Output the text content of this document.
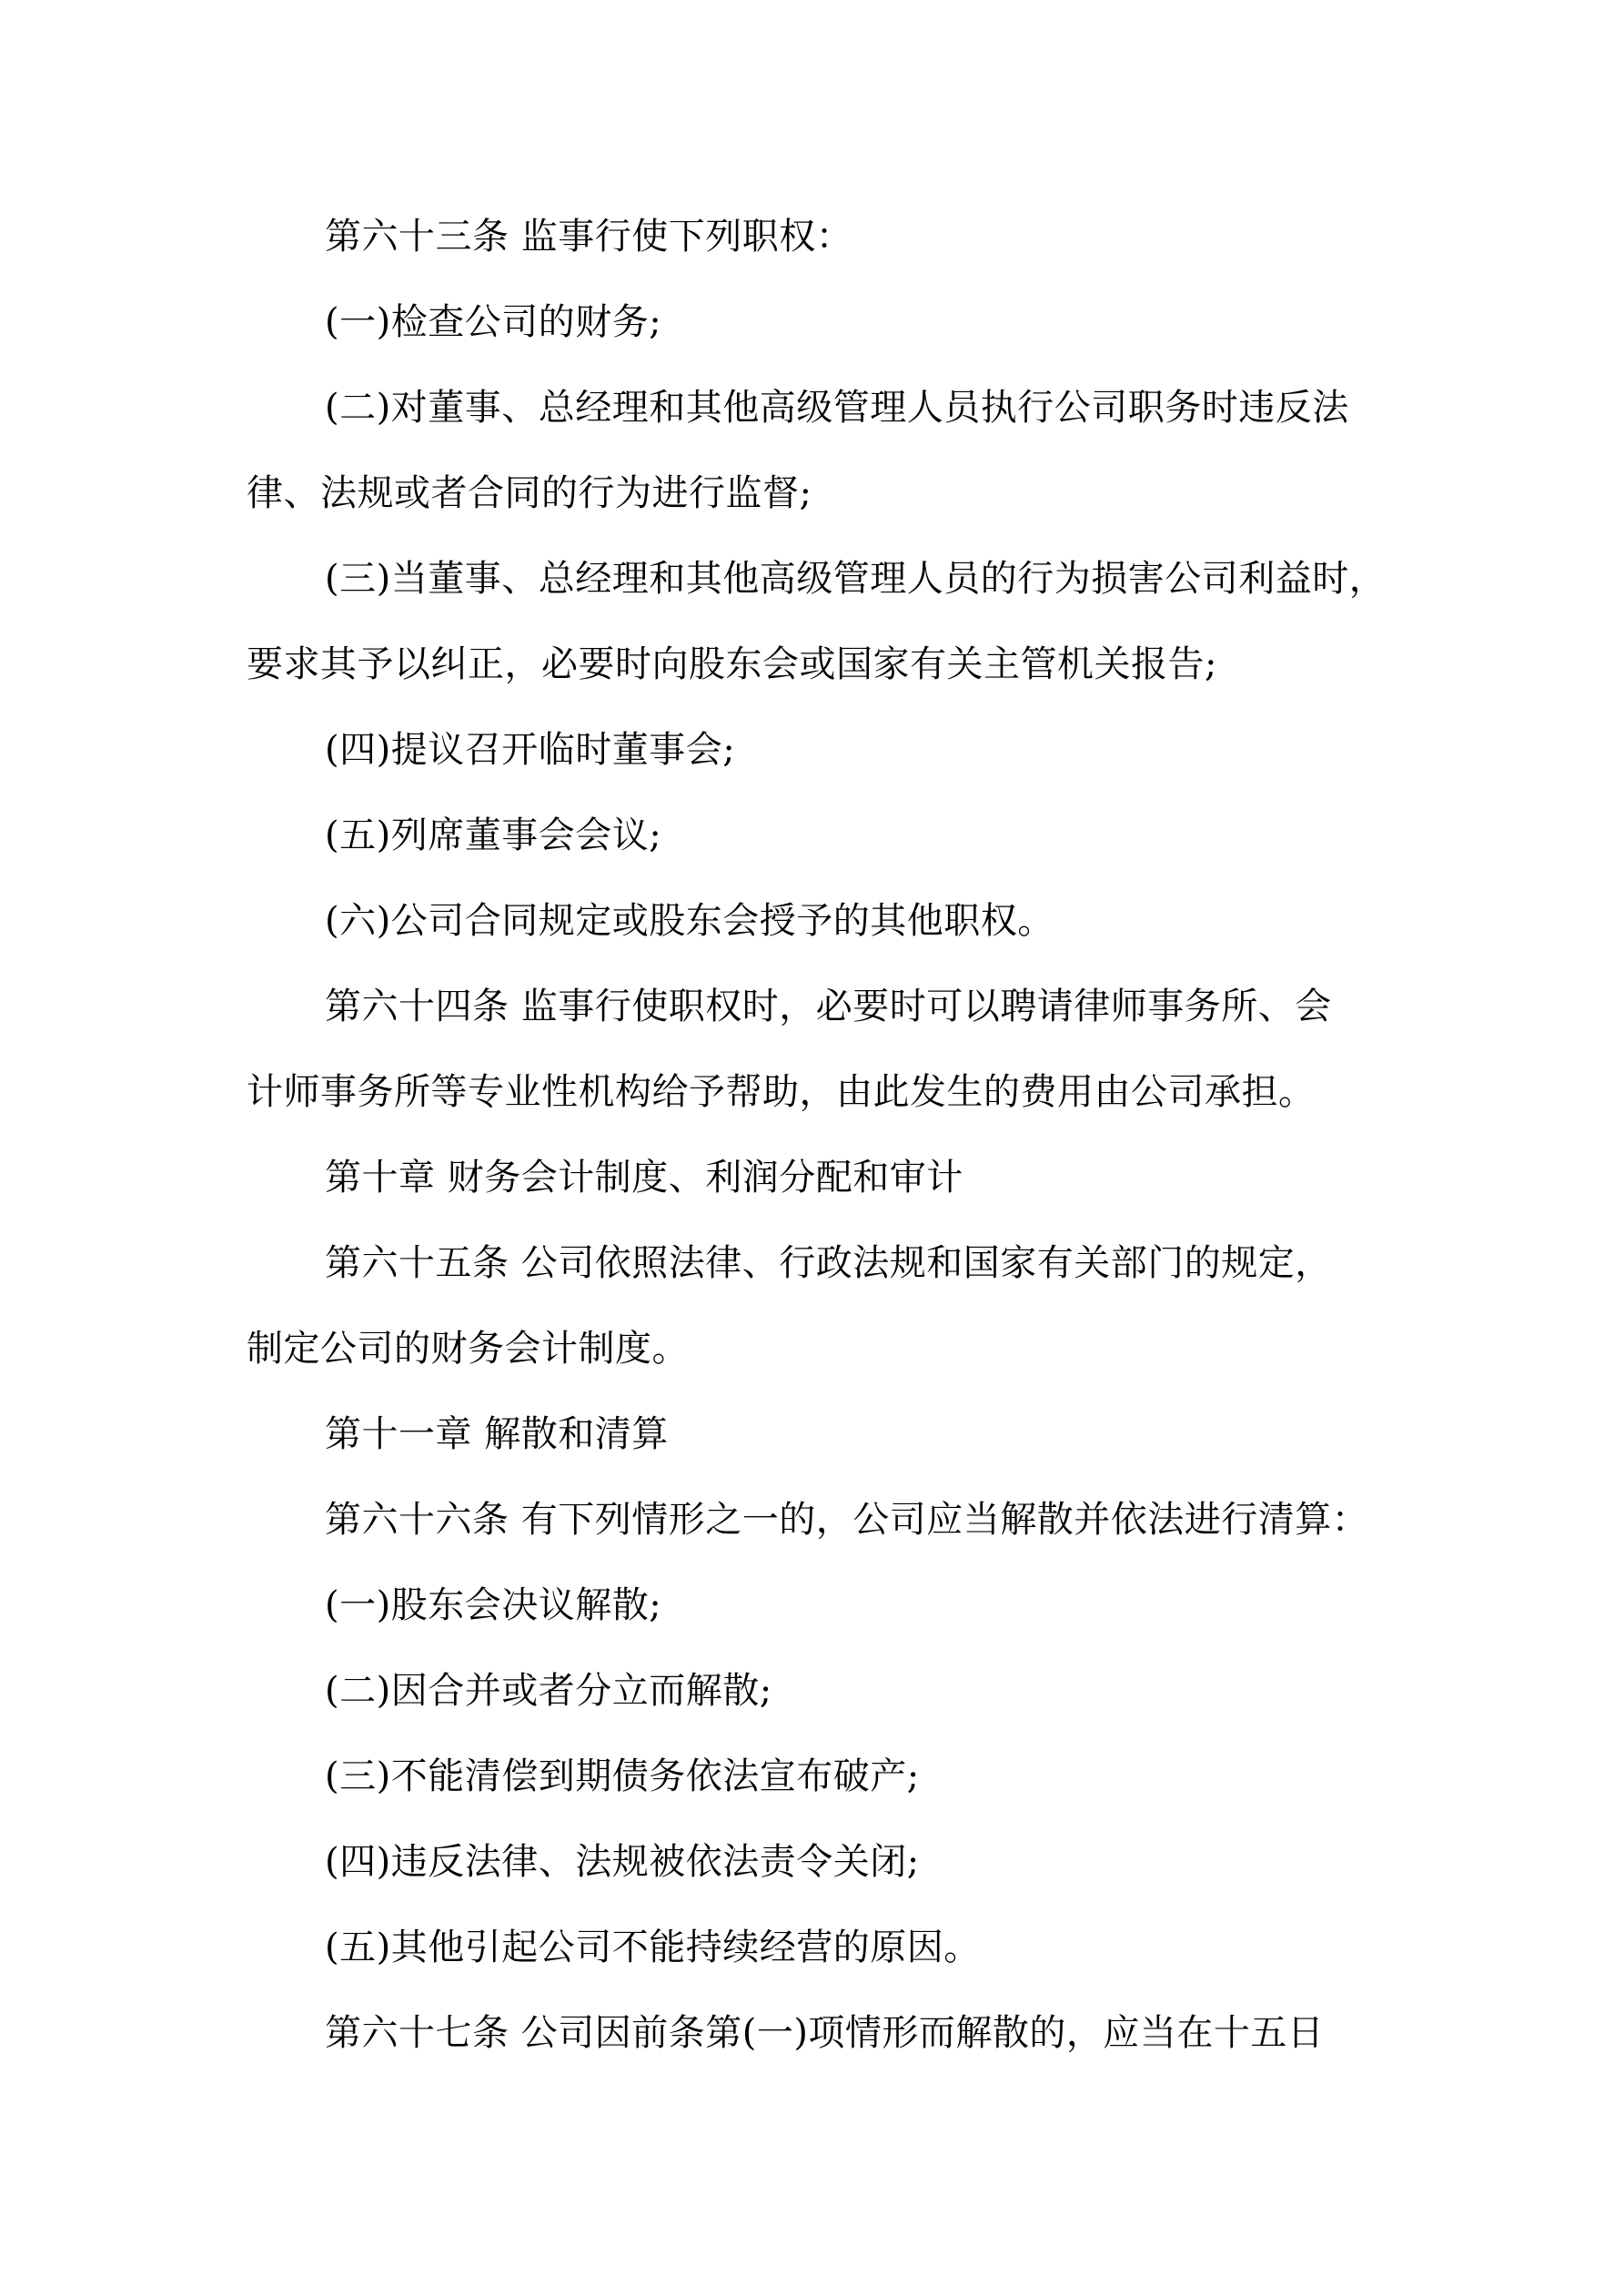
第六十三条 监事行使下列职权：
(一)检查公司的财务;
(二)对董事、总经理和其他高级管理人员执行公司职务时违反法
律、法规或者合同的行为进行监督;
(三)当董事、总经理和其他高级管理人员的行为损害公司利益时，
要求其予以纠正，必要时向股东会或国家有关主管机关报告;
(四)提议召开临时董事会;
(五)列席董事会会议;
(六)公司合同规定或股东会授予的其他职权。
第六十四条 监事行使职权时，必要时可以聘请律师事务所、会
计师事务所等专业性机构给予帮助，由此发生的费用由公司承担。
第十章 财务会计制度、利润分配和审计
第六十五条 公司依照法律、行政法规和国家有关部门的规定，
制定公司的财务会计制度。
第十一章 解散和清算
第六十六条 有下列情形之一的，公司应当解散并依法进行清算：
(一)股东会决议解散;
(二)因合并或者分立而解散;
(三)不能清偿到期债务依法宣布破产;
(四)违反法律、法规被依法责令关闭;
(五)其他引起公司不能持续经营的原因。
第六十七条 公司因前条第(一)项情形而解散的，应当在十五日
